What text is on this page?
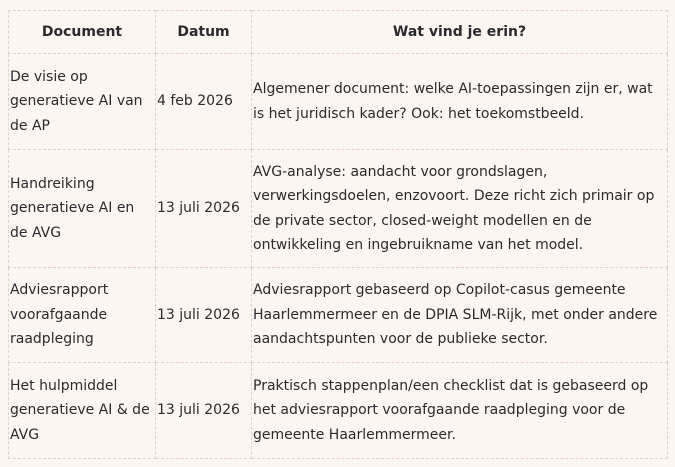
Document	Datum	Wat vind je erin?
De visie op generatieve AI van de AP	4 feb 2026	Algemener document: welke AI-toepassingen zijn er, wat is het juridisch kader? Ook: het toekomstbeeld.
Handreiking generatieve AI en de AVG	13 juli 2026	AVG-analyse: aandacht voor grondslagen, verwerkingsdoelen, enzovoort. Deze richt zich primair op de private sector, closed-weight modellen en de ontwikkeling en ingebruikname van het model.
Adviesrapport voorafgaande raadpleging	13 juli 2026	Adviesrapport gebaseerd op Copilot-casus gemeente Haarlemmermeer en de DPIA SLM-Rijk, met onder andere aandachtspunten voor de publieke sector.
Het hulpmiddel generatieve AI & de AVG	13 juli 2026	Praktisch stappenplan/een checklist dat is gebaseerd op het adviesrapport voorafgaande raadpleging voor de gemeente Haarlemmermeer.
